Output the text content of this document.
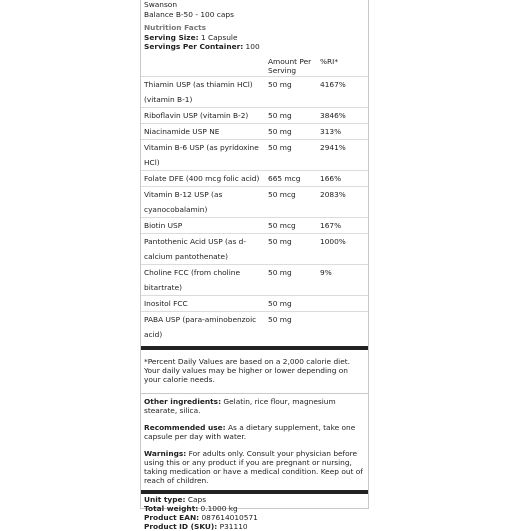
Swanson
Balance B-50 - 100 caps
Nutrition Facts
Serving Size: 1 Capsule
Servings Per Container: 100
	Amount Per Serving	%RI*
Thiamin USP (as thiamin HCl) (vitamin B-1)	50 mg	4167%
Riboflavin USP (vitamin B-2)	50 mg	3846%
Niacinamide USP NE	50 mg	313%
Vitamin B-6 USP (as pyridoxine HCl)	50 mg	2941%
Folate DFE (400 mcg folic acid)	665 mcg	166%
Vitamin B-12 USP (as cyanocobalamin)	50 mcg	2083%
Biotin USP	50 mcg	167%
Pantothenic Acid USP (as d-calcium pantothenate)	50 mg	1000%
Choline FCC (from choline bitartrate)	50 mg	9%
Inositol FCC	50 mg	
PABA USP (para-aminobenzoic acid)	50 mg	
*Percent Daily Values are based on a 2,000 calorie diet. Your daily values may be higher or lower depending on your calorie needs.
Other ingredients: Gelatin, rice flour, magnesium stearate, silica.
Recommended use: As a dietary supplement, take one capsule per day with water.
Warnings: For adults only. Consult your physician before using this or any product if you are pregnant or nursing, taking medication or have a medical condition. Keep out of reach of children.
Unit type: Caps
Total weight: 0.1000 kg
Product EAN: 087614010571
Product ID (SKU): P31110
